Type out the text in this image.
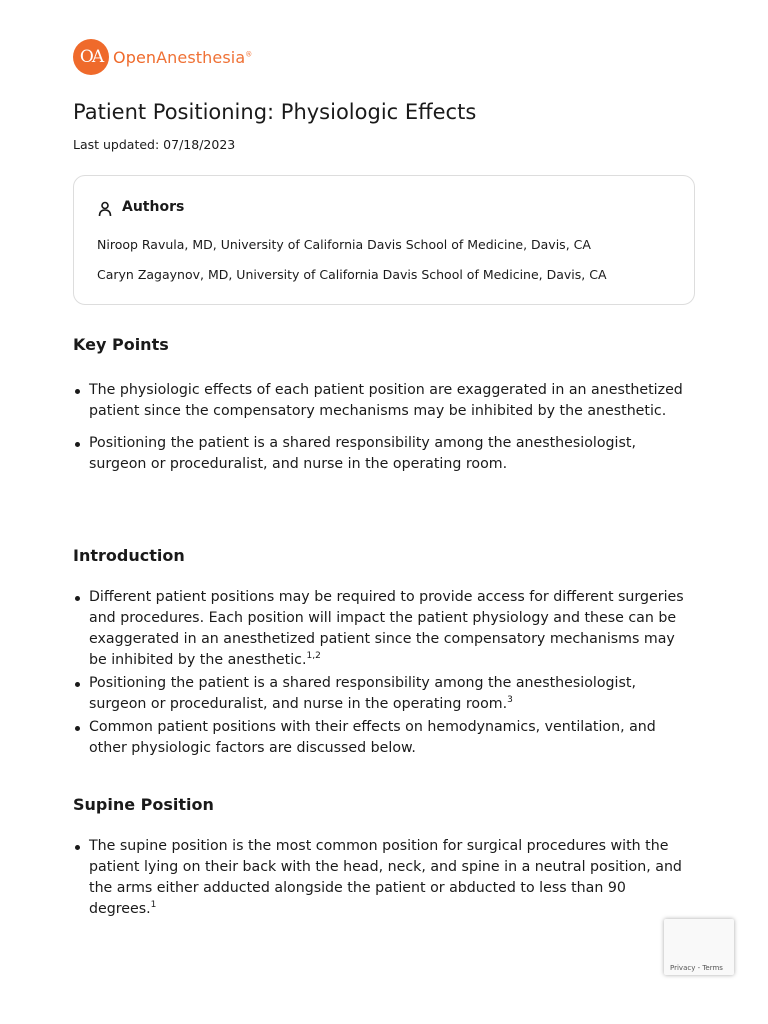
OA OpenAnesthesia®
Patient Positioning: Physiologic Effects
Last updated: 07/18/2023
Authors
Niroop Ravula, MD, University of California Davis School of Medicine, Davis, CA
Caryn Zagaynov, MD, University of California Davis School of Medicine, Davis, CA
Key Points
The physiologic effects of each patient position are exaggerated in an anesthetized patient since the compensatory mechanisms may be inhibited by the anesthetic.
Positioning the patient is a shared responsibility among the anesthesiologist, surgeon or proceduralist, and nurse in the operating room.
Introduction
Different patient positions may be required to provide access for different surgeries and procedures. Each position will impact the patient physiology and these can be exaggerated in an anesthetized patient since the compensatory mechanisms may be inhibited by the anesthetic.$^{1,2}$
Positioning the patient is a shared responsibility among the anesthesiologist, surgeon or proceduralist, and nurse in the operating room.$^3$
Common patient positions with their effects on hemodynamics, ventilation, and other physiologic factors are discussed below.
Supine Position
The supine position is the most common position for surgical procedures with the patient lying on their back with the head, neck, and spine in a neutral position, and the arms either adducted alongside the patient or abducted to less than 90 degrees.$^1$
Privacy - Terms
